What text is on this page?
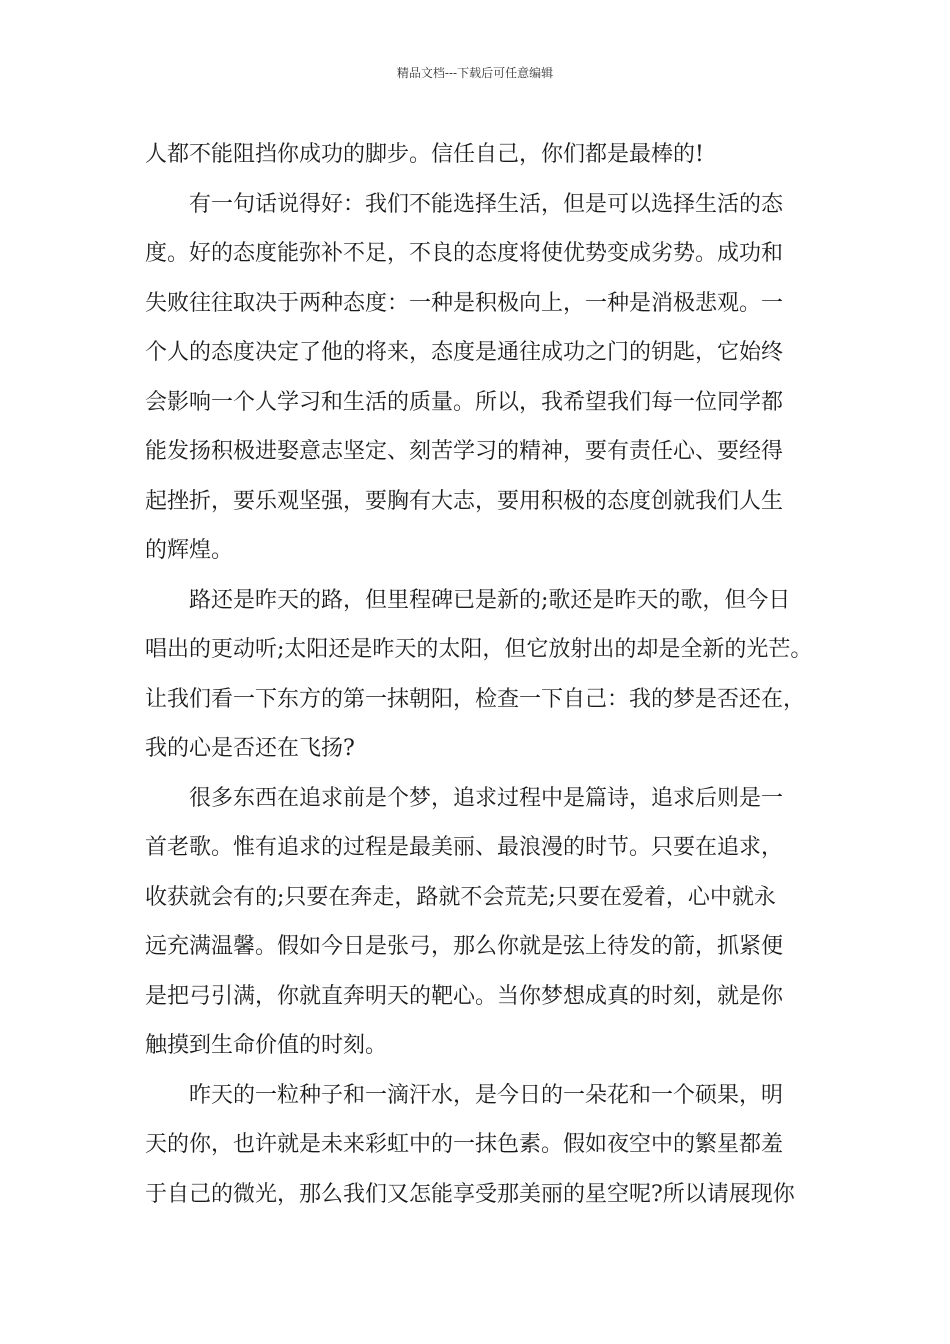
精品文档---下载后可任意编辑
人都不能阻挡你成功的脚步。信任自己，你们都是最棒的!
有一句话说得好：我们不能选择生活，但是可以选择生活的态
度。好的态度能弥补不足，不良的态度将使优势变成劣势。成功和
失败往往取决于两种态度：一种是积极向上，一种是消极悲观。一
个人的态度决定了他的将来，态度是通往成功之门的钥匙，它始终
会影响一个人学习和生活的质量。所以，我希望我们每一位同学都
能发扬积极进娶意志坚定、刻苦学习的精神，要有责任心、要经得
起挫折，要乐观坚强，要胸有大志，要用积极的态度创就我们人生
的辉煌。
路还是昨天的路，但里程碑已是新的;歌还是昨天的歌，但今日
唱出的更动听;太阳还是昨天的太阳，但它放射出的却是全新的光芒。
让我们看一下东方的第一抹朝阳，检查一下自己：我的梦是否还在，
我的心是否还在飞扬?
很多东西在追求前是个梦，追求过程中是篇诗，追求后则是一
首老歌。惟有追求的过程是最美丽、最浪漫的时节。只要在追求，
收获就会有的;只要在奔走，路就不会荒芜;只要在爱着，心中就永
远充满温馨。假如今日是张弓，那么你就是弦上待发的箭，抓紧便
是把弓引满，你就直奔明天的靶心。当你梦想成真的时刻，就是你
触摸到生命价值的时刻。
昨天的一粒种子和一滴汗水，是今日的一朵花和一个硕果，明
天的你，也许就是未来彩虹中的一抹色素。假如夜空中的繁星都羞
于自己的微光，那么我们又怎能享受那美丽的星空呢?所以请展现你
